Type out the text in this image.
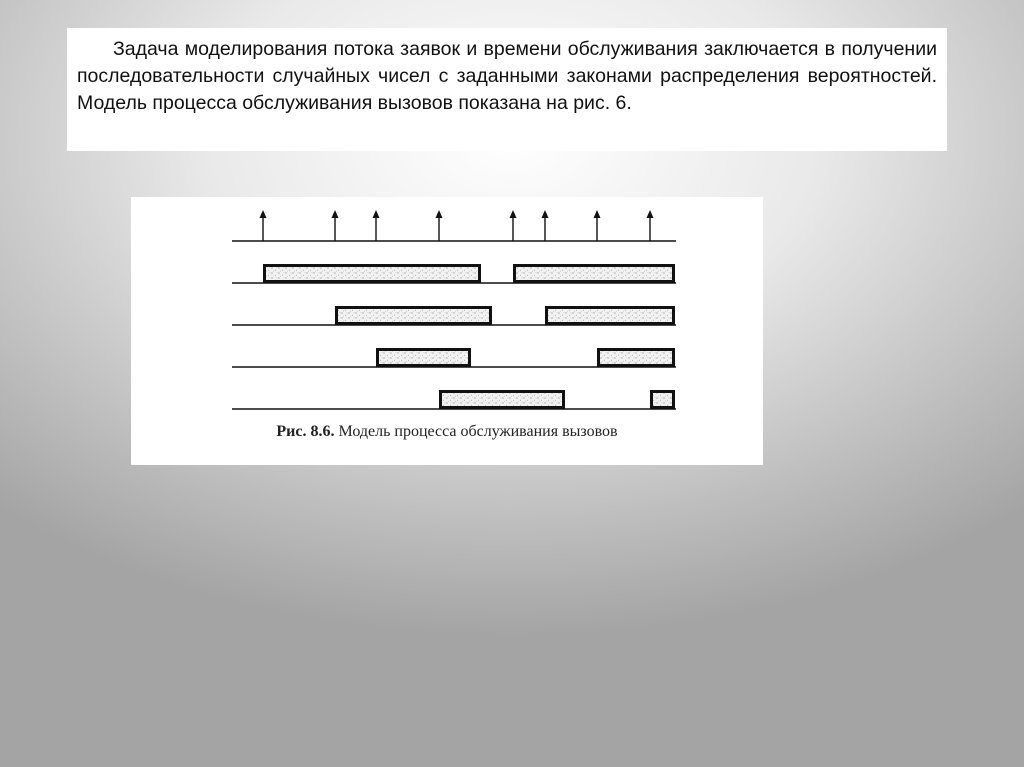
Задача моделирования потока заявок и времени обслуживания заключается в получении последовательности случайных чисел с заданными законами распределения вероятностей. Модель процесса обслуживания вызовов показана на рис. 6.

Рис. 8.6. Модель процесса обслуживания вызовов
